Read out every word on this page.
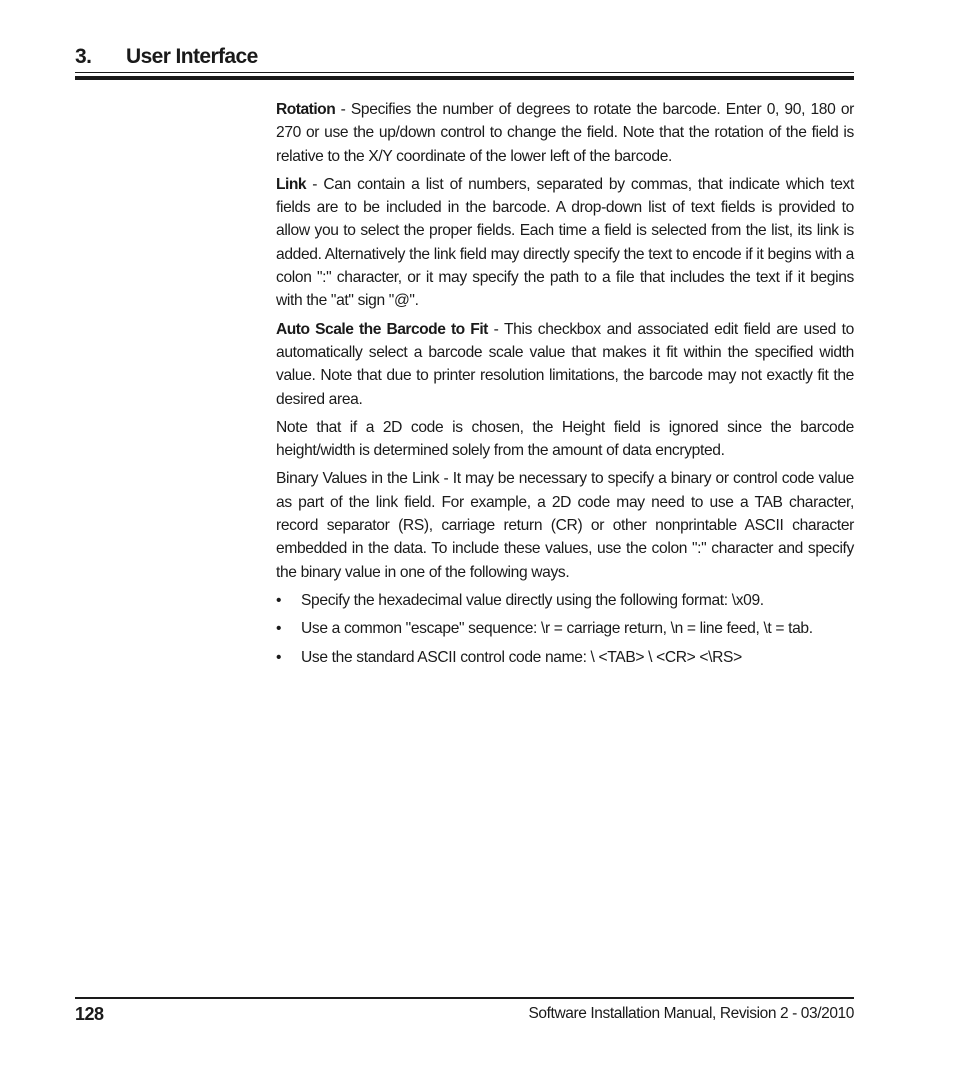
3. User Interface

Rotation - Specifies the number of degrees to rotate the barcode. Enter 0, 90, 180 or 270 or use the up/down control to change the field. Note that the rotation of the field is relative to the X/Y coordinate of the lower left of the barcode.

Link - Can contain a list of numbers, separated by commas, that indicate which text fields are to be included in the barcode. A drop-down list of text fields is provided to allow you to select the proper fields. Each time a field is selected from the list, its link is added. Alternatively the link field may directly specify the text to encode if it begins with a colon ":" character, or it may specify the path to a file that includes the text if it begins with the "at" sign "@".

Auto Scale the Barcode to Fit - This checkbox and associated edit field are used to automatically select a barcode scale value that makes it fit within the specified width value. Note that due to printer resolution limitations, the barcode may not exactly fit the desired area.

Note that if a 2D code is chosen, the Height field is ignored since the barcode height/width is determined solely from the amount of data encrypted.

Binary Values in the Link - It may be necessary to specify a binary or control code value as part of the link field. For example, a 2D code may need to use a TAB character, record separator (RS), carriage return (CR) or other nonprintable ASCII character embedded in the data. To include these values, use the colon ":" character and specify the binary value in one of the following ways.

• Specify the hexadecimal value directly using the following format: \x09.
• Use a common "escape" sequence: \r = carriage return, \n = line feed, \t = tab.
• Use the standard ASCII control code name: \ <TAB> \ <CR> <\RS>
128	Software Installation Manual, Revision 2 - 03/2010
